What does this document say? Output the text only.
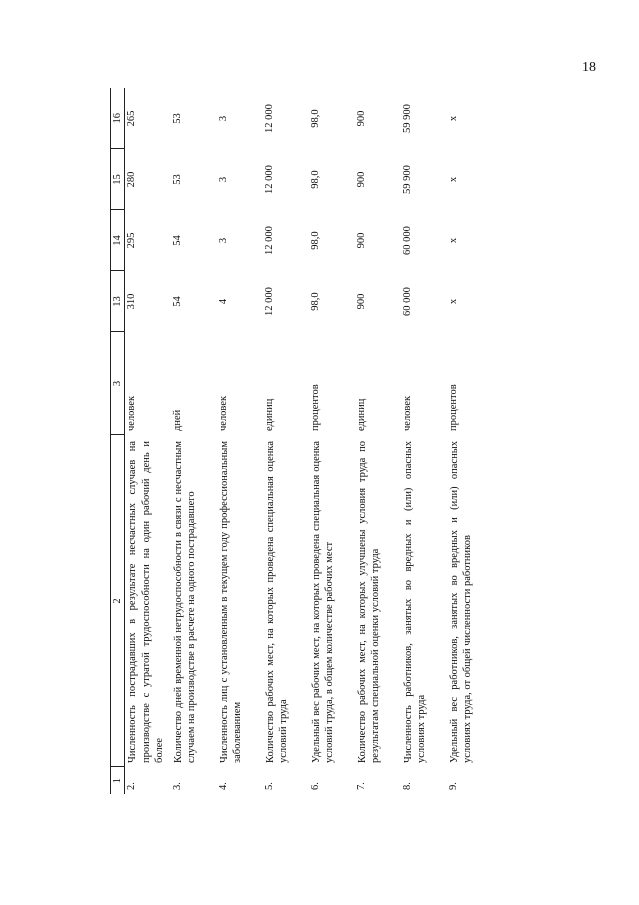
18
1	2	3	13	14	15	16
2.	Численность пострадавших в результате несчастных случаев на производстве с утратой трудоспособности на один рабочий день и более	человек	310	295	280	265
3.	Количество дней временной нетрудоспособности в связи с несчастным случаем на производстве в расчете на одного пострадавшего	дней	54	54	53	53
4.	Численность лиц с установленным в текущем году профессиональным заболеванием	человек	4	3	3	3
5.	Количество рабочих мест, на которых проведена специальная оценка условий труда	единиц	12 000	12 000	12 000	12 000
6.	Удельный вес рабочих мест, на которых проведена специальная оценка условий труда, в общем количестве рабочих мест	процентов	98,0	98,0	98,0	98,0
7.	Количество рабочих мест, на которых улучшены условия труда по результатам специальной оценки условий труда	единиц	900	900	900	900
8.	Численность работников, занятых во вредных и (или) опасных условиях труда	человек	60 000	60 000	59 900	59 900
9.	Удельный вес работников, занятых во вредных и (или) опасных условиях труда, от общей численности работников	процентов	х	х	х	х
